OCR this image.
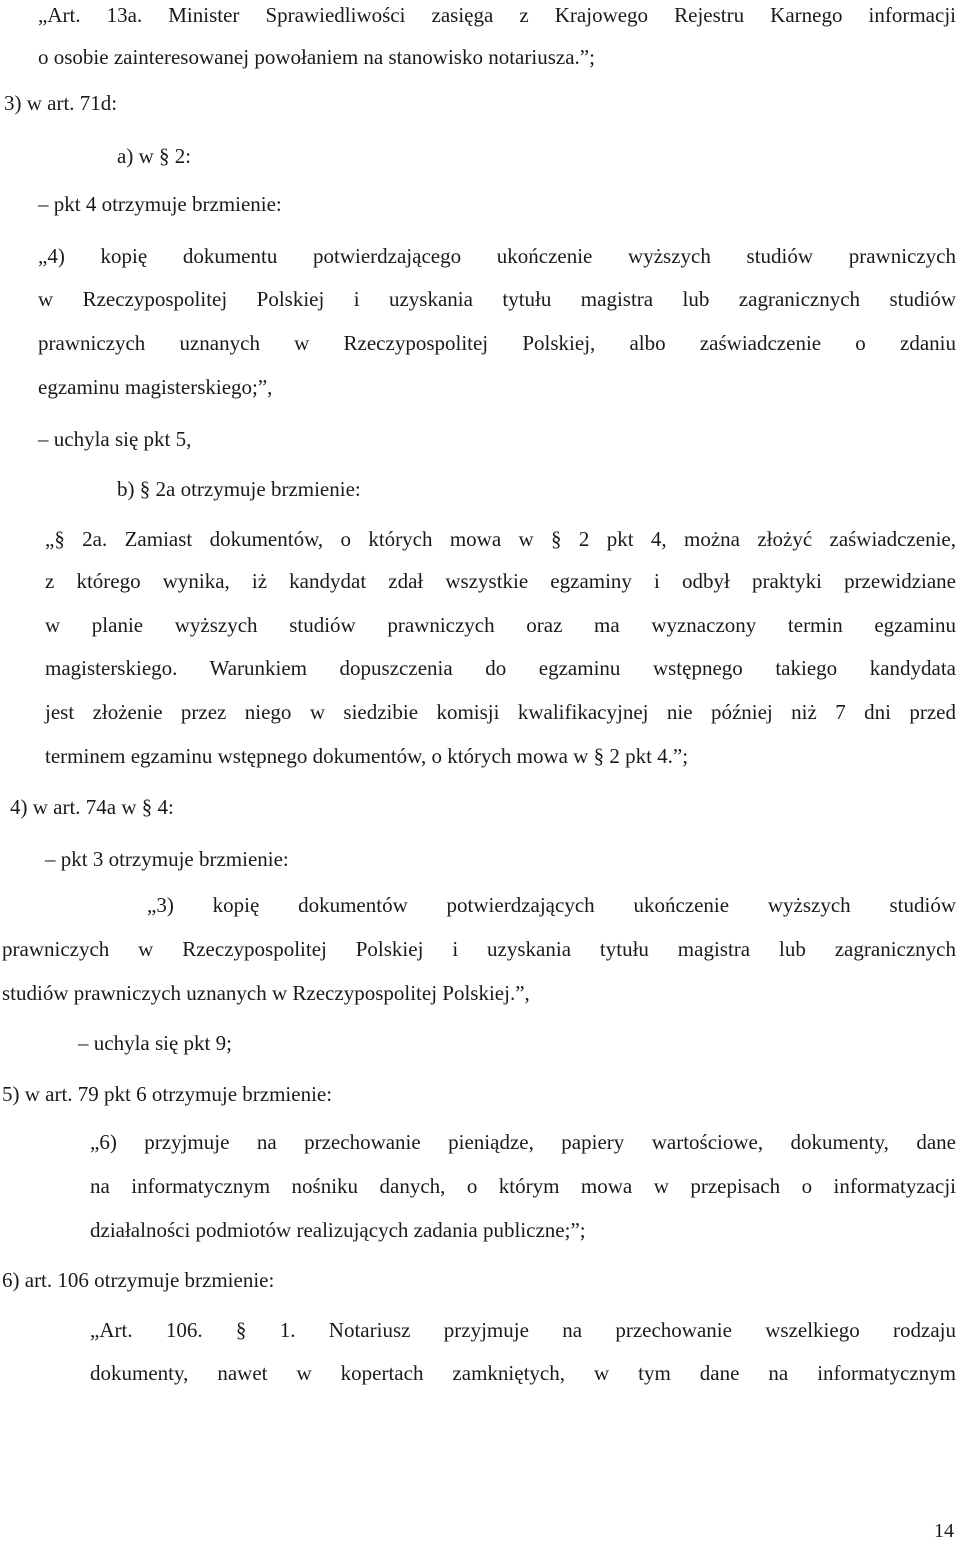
„Art. 13a. Minister Sprawiedliwości zasięga z Krajowego Rejestru Karnego informacji
o osobie zainteresowanej powołaniem na stanowisko notariusza.”;
3) w art. 71d:
a) w § 2:
– pkt 4 otrzymuje brzmienie:
„4) kopię dokumentu potwierdzającego ukończenie wyższych studiów prawniczych
w Rzeczypospolitej Polskiej i uzyskania tytułu magistra lub zagranicznych studiów
prawniczych uznanych w Rzeczypospolitej Polskiej, albo zaświadczenie o zdaniu
egzaminu magisterskiego;”,
– uchyla się pkt 5,
b) § 2a otrzymuje brzmienie:
„§ 2a. Zamiast dokumentów, o których mowa w § 2 pkt 4, można złożyć zaświadczenie,
z którego wynika, iż kandydat zdał wszystkie egzaminy i odbył praktyki przewidziane
w planie wyższych studiów prawniczych oraz ma wyznaczony termin egzaminu
magisterskiego. Warunkiem dopuszczenia do egzaminu wstępnego takiego kandydata
jest złożenie przez niego w siedzibie komisji kwalifikacyjnej nie później niż 7 dni przed
terminem egzaminu wstępnego dokumentów, o których mowa w § 2 pkt 4.”;
4) w art. 74a w § 4:
– pkt 3 otrzymuje brzmienie:
„3) kopię dokumentów potwierdzających ukończenie wyższych studiów
prawniczych w Rzeczypospolitej Polskiej i uzyskania tytułu magistra lub zagranicznych
studiów prawniczych uznanych w Rzeczypospolitej Polskiej.”,
– uchyla się pkt 9;
5) w art. 79 pkt 6 otrzymuje brzmienie:
„6) przyjmuje na przechowanie pieniądze, papiery wartościowe, dokumenty, dane
na informatycznym nośniku danych, o którym mowa w przepisach o informatyzacji
działalności podmiotów realizujących zadania publiczne;”;
6) art. 106 otrzymuje brzmienie:
„Art. 106. § 1. Notariusz przyjmuje na przechowanie wszelkiego rodzaju
dokumenty, nawet w kopertach zamkniętych, w tym dane na informatycznym
14
